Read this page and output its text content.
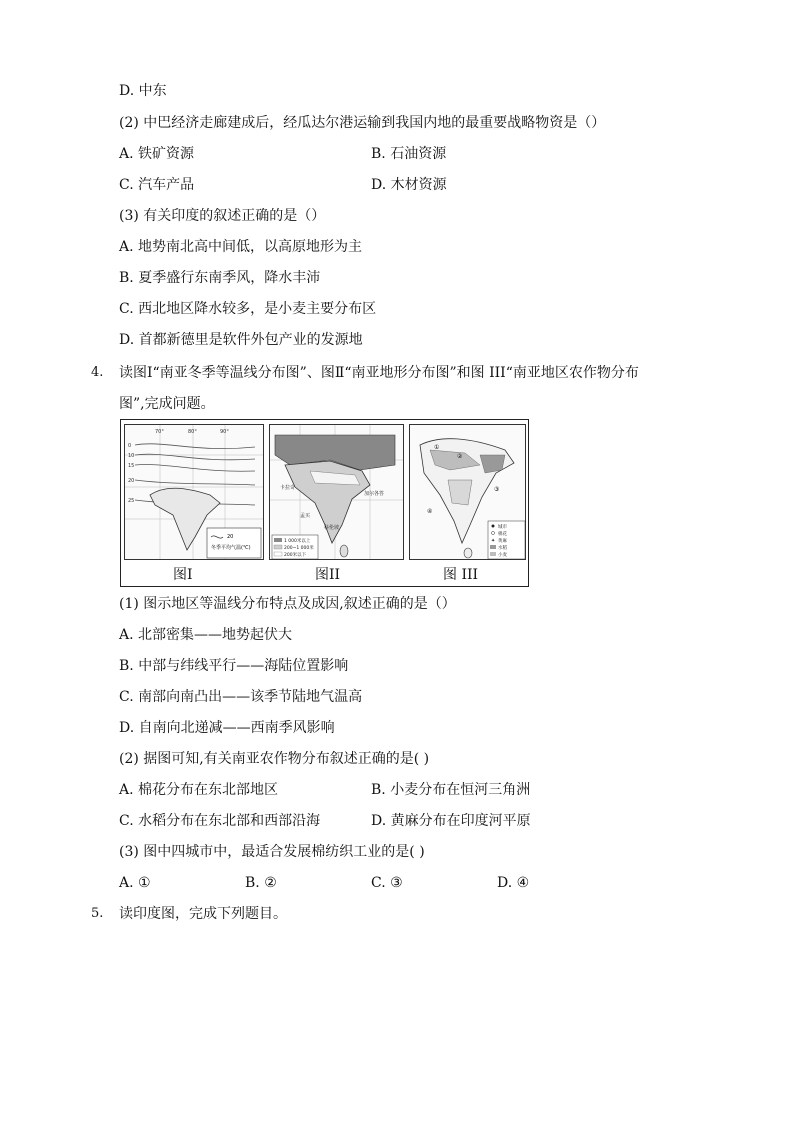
D. 中东
(2) 中巴经济走廊建成后，经瓜达尔港运输到我国内地的最重要战略物资是（）
A. 铁矿资源	B. 石油资源
C. 汽车产品	D. 木材资源
(3) 有关印度的叙述正确的是（）
A. 地势南北高中间低，以高原地形为主
B. 夏季盛行东南季风，降水丰沛
C. 西北地区降水较多，是小麦主要分布区
D. 首都新德里是软件外包产业的发源地
4. 读图Ⅰ“南亚冬季等温线分布图”、图Ⅱ“南亚地形分布图”和图 III“南亚地区农作物分布
图”,完成问题。
70°	80°	90°
0
10
15
20
25
20
冬季平均气温(℃)
图I
卡拉奇
孟买
加尔各答
科伦坡
1 000米以上
200~1 000米
200米以下
图II
①
②
③
④
城市
棉花
✦ 黄麻
水稻
小麦
图 III
(1) 图示地区等温线分布特点及成因,叙述正确的是（）
A. 北部密集——地势起伏大
B. 中部与纬线平行——海陆位置影响
C. 南部向南凸出——该季节陆地气温高
D. 自南向北递减——西南季风影响
(2) 据图可知,有关南亚农作物分布叙述正确的是( )
A. 棉花分布在东北部地区	B. 小麦分布在恒河三角洲
C. 水稻分布在东北部和西部沿海	D. 黄麻分布在印度河平原
(3) 图中四城市中，最适合发展棉纺织工业的是( )
A. ①	B. ②	C. ③	D. ④
5. 读印度图，完成下列题目。
